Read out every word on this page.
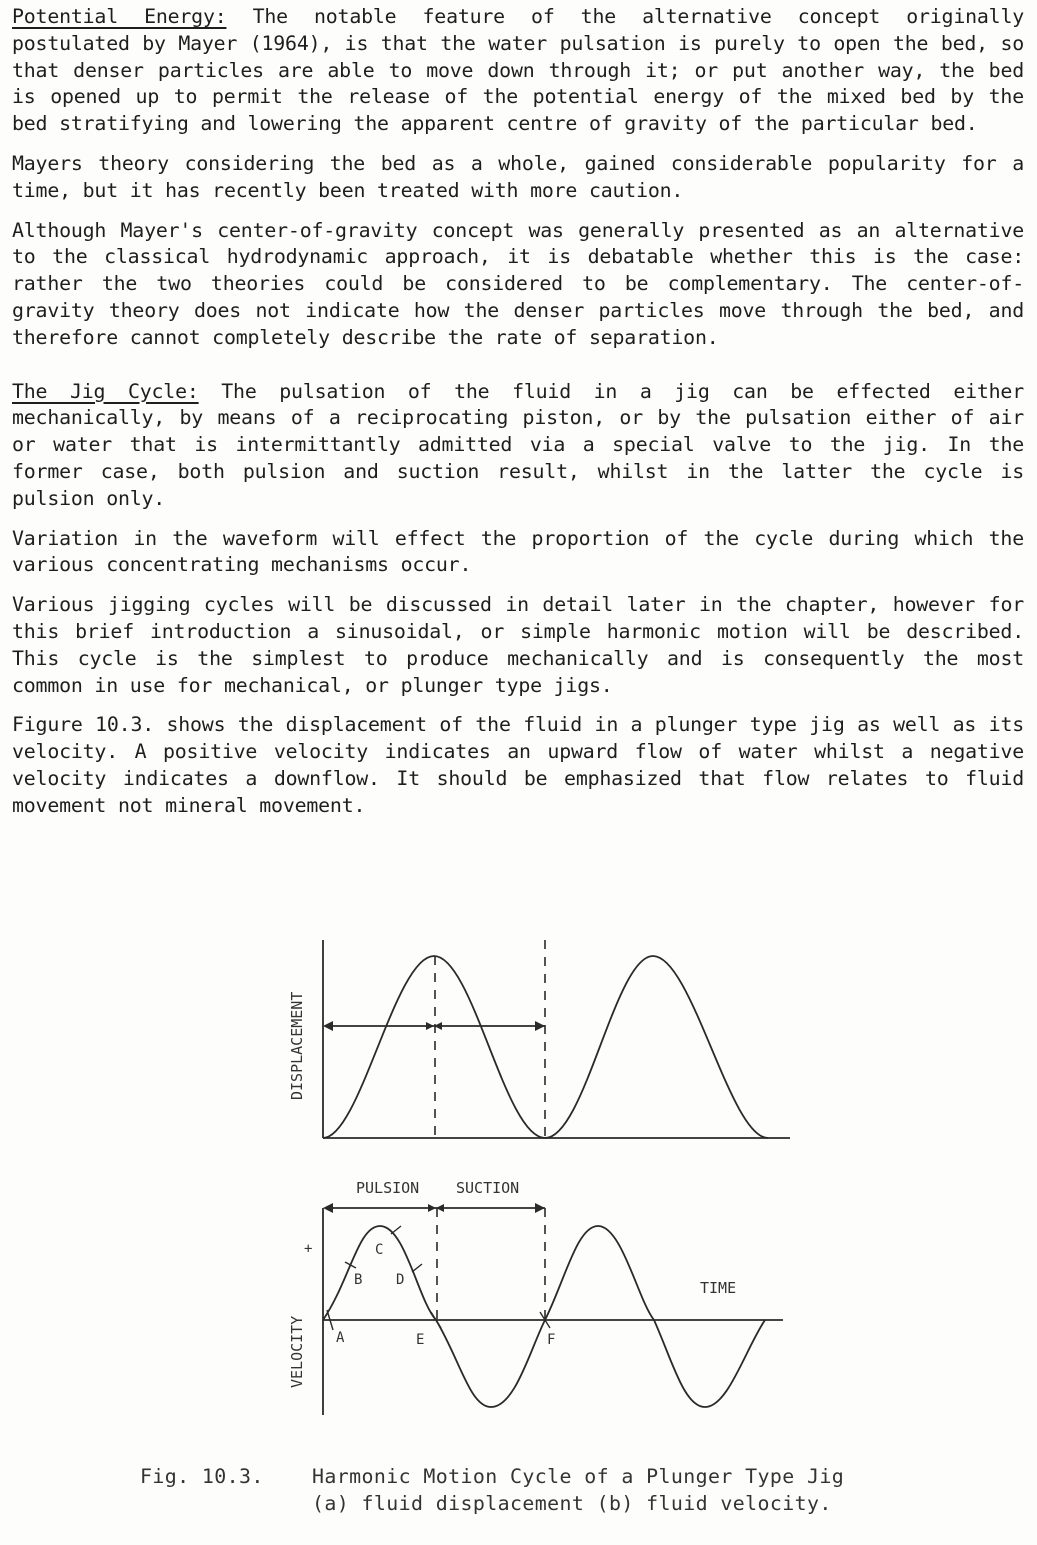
Potential Energy: The notable feature of the alternative concept originally postulated by Mayer (1964), is that the water pulsation is purely to open the bed, so that denser particles are able to move down through it; or put another way, the bed is opened up to permit the release of the potential energy of the mixed bed by the bed stratifying and lowering the apparent centre of gravity of the particular bed.

Mayers theory considering the bed as a whole, gained considerable popularity for a time, but it has recently been treated with more caution.

Although Mayer's center-of-gravity concept was generally presented as an alternative to the classical hydrodynamic approach, it is debatable whether this is the case: rather the two theories could be considered to be complementary. The center-of-gravity theory does not indicate how the denser particles move through the bed, and therefore cannot completely describe the rate of separation.

The Jig Cycle: The pulsation of the fluid in a jig can be effected either mechanically, by means of a reciprocating piston, or by the pulsation either of air or water that is intermittantly admitted via a special valve to the jig. In the former case, both pulsion and suction result, whilst in the latter the cycle is pulsion only.

Variation in the waveform will effect the proportion of the cycle during which the various concentrating mechanisms occur.

Various jigging cycles will be discussed in detail later in the chapter, however for this brief introduction a sinusoidal, or simple harmonic motion will be described. This cycle is the simplest to produce mechanically and is consequently the most common in use for mechanical, or plunger type jigs.

Figure 10.3. shows the displacement of the fluid in a plunger type jig as well as its velocity. A positive velocity indicates an upward flow of water whilst a negative velocity indicates a downflow. It should be emphasized that flow relates to fluid movement not mineral movement.

DISPLACEMENT
VELOCITY
+
PULSION SUCTION
TIME
A
B
C
D
E	F
Fig. 10.3. Harmonic Motion Cycle of a Plunger Type Jig
(a) fluid displacement (b) fluid velocity.
